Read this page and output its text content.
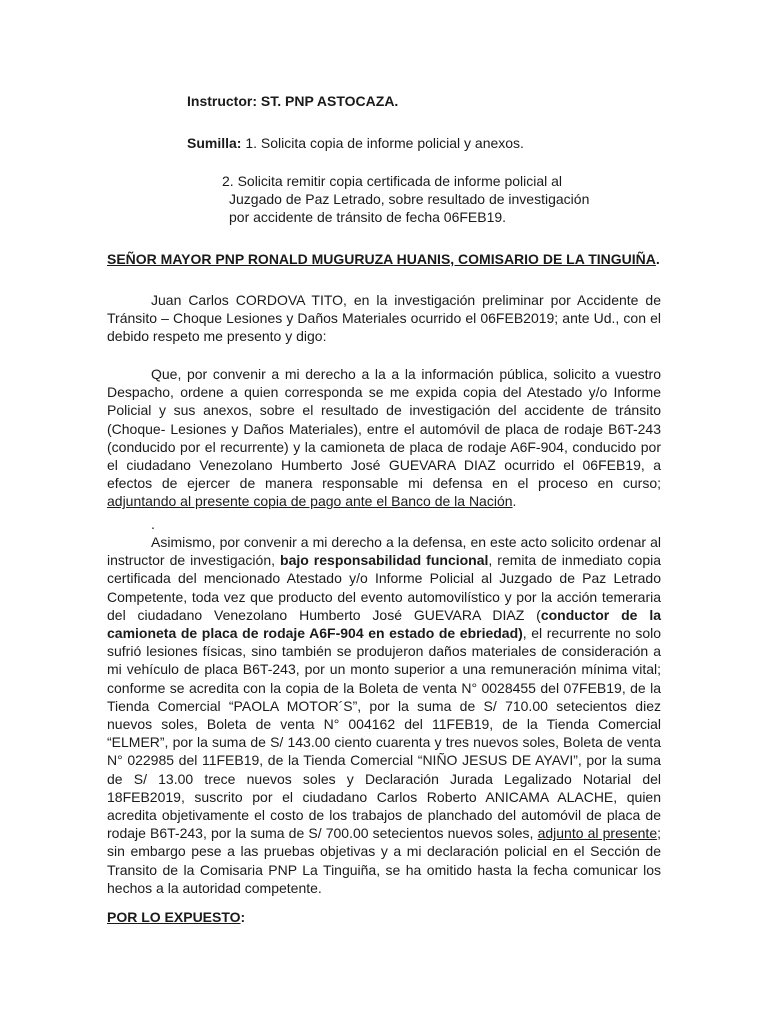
Instructor: ST. PNP ASTOCAZA.
Sumilla: 1. Solicita copia de informe policial y anexos.
2. Solicita remitir copia certificada de informe policial al
Juzgado de Paz Letrado, sobre resultado de investigación
por accidente de tránsito de fecha 06FEB19.
SEÑOR MAYOR PNP RONALD MUGURUZA HUANIS, COMISARIO DE LA TINGUIÑA.

Juan Carlos CORDOVA TITO, en la investigación preliminar por Accidente de Tránsito – Choque Lesiones y Daños Materiales ocurrido el 06FEB2019; ante Ud., con el debido respeto me presento y digo:

Que, por convenir a mi derecho a la a la información pública, solicito a vuestro Despacho, ordene a quien corresponda se me expida copia del Atestado y/o Informe Policial y sus anexos, sobre el resultado de investigación del accidente de tránsito (Choque- Lesiones y Daños Materiales), entre el automóvil de placa de rodaje B6T-243 (conducido por el recurrente) y la camioneta de placa de rodaje A6F-904, conducido por el ciudadano Venezolano Humberto José GUEVARA DIAZ ocurrido el 06FEB19, a efectos de ejercer de manera responsable mi defensa en el proceso en curso; adjuntando al presente copia de pago ante el Banco de la Nación.

.

Asimismo, por convenir a mi derecho a la defensa, en este acto solicito ordenar al instructor de investigación, bajo responsabilidad funcional, remita de inmediato copia certificada del mencionado Atestado y/o Informe Policial al Juzgado de Paz Letrado Competente, toda vez que producto del evento automovilístico y por la acción temeraria del ciudadano Venezolano Humberto José GUEVARA DIAZ (conductor de la camioneta de placa de rodaje A6F-904 en estado de ebriedad), el recurrente no solo sufrió lesiones físicas, sino también se produjeron daños materiales de consideración a mi vehículo de placa B6T-243, por un monto superior a una remuneración mínima vital; conforme se acredita con la copia de la Boleta de venta N° 0028455 del 07FEB19, de la Tienda Comercial “PAOLA MOTOR´S”, por la suma de S/ 710.00 setecientos diez nuevos soles, Boleta de venta N° 004162 del 11FEB19, de la Tienda Comercial “ELMER”, por la suma de S/ 143.00 ciento cuarenta y tres nuevos soles, Boleta de venta N° 022985 del 11FEB19, de la Tienda Comercial “NIÑO JESUS DE AYAVI”, por la suma de S/ 13.00 trece nuevos soles y Declaración Jurada Legalizado Notarial del 18FEB2019, suscrito por el ciudadano Carlos Roberto ANICAMA ALACHE, quien acredita objetivamente el costo de los trabajos de planchado del automóvil de placa de rodaje B6T-243, por la suma de S/ 700.00 setecientos nuevos soles, adjunto al presente; sin embargo pese a las pruebas objetivas y a mi declaración policial en el Sección de Transito de la Comisaria PNP La Tinguiña, se ha omitido hasta la fecha comunicar los hechos a la autoridad competente.

POR LO EXPUESTO:
